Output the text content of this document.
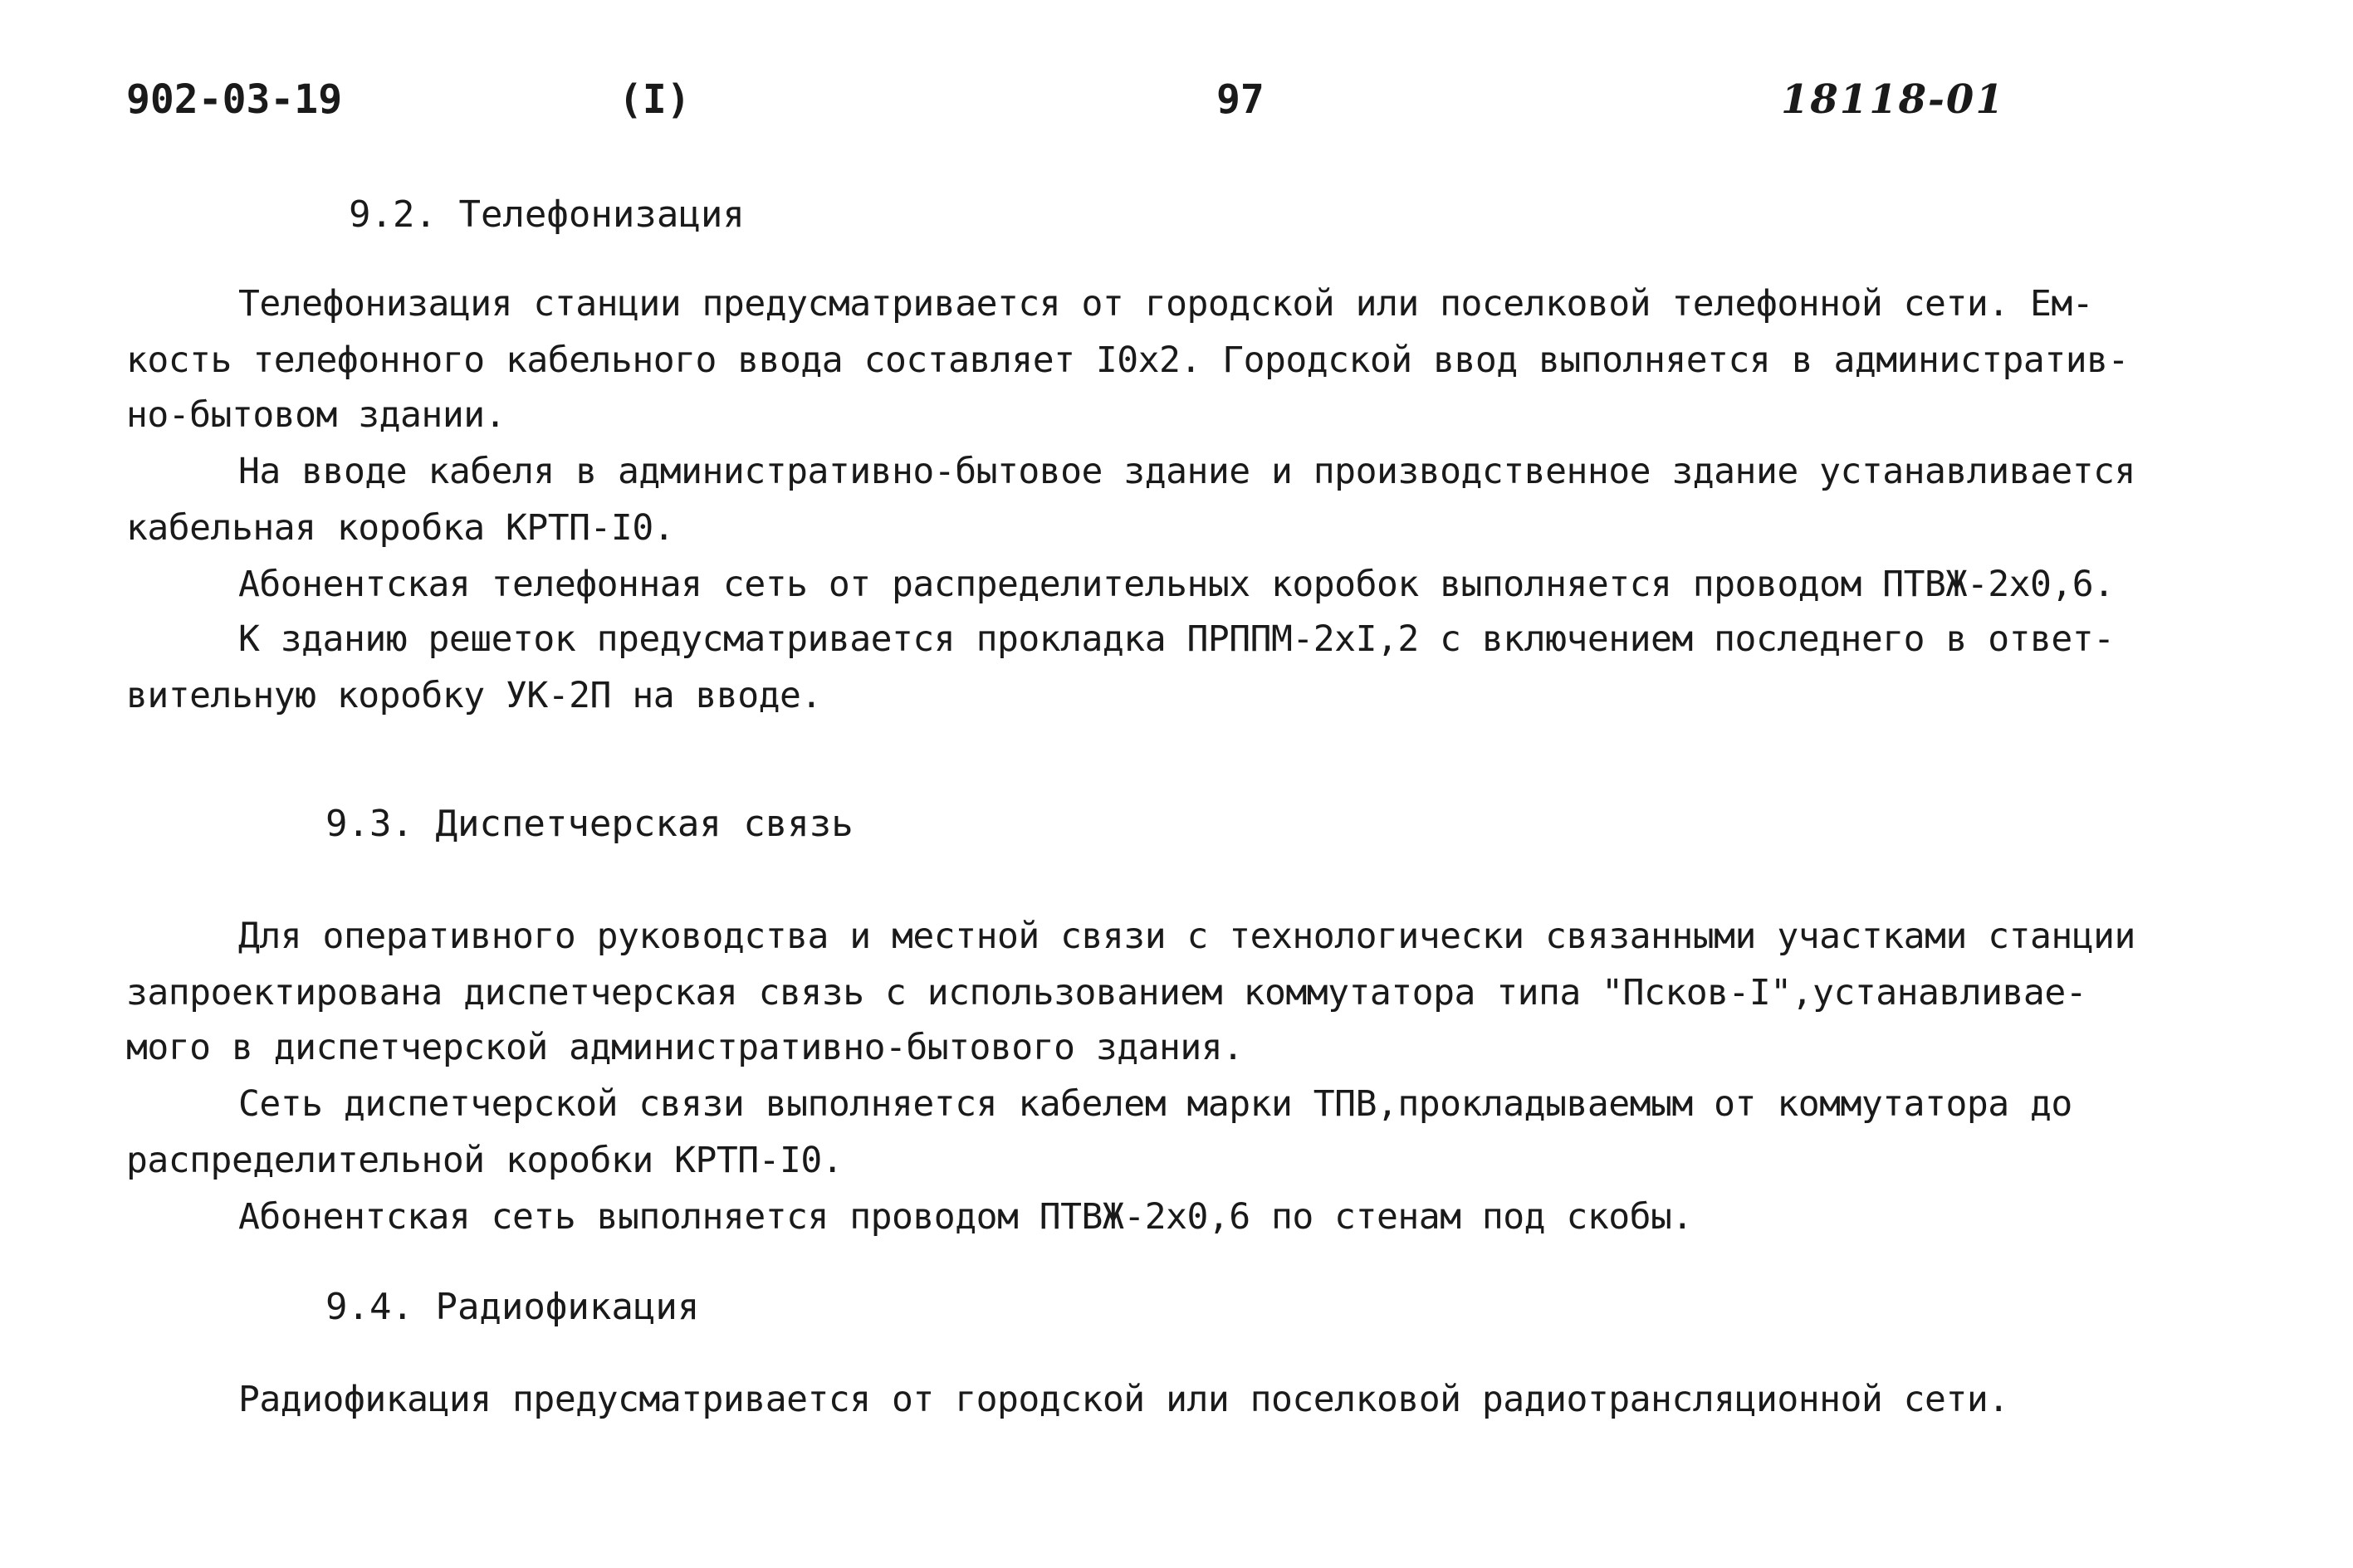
902-03-19	(I)	97	18118-01
9.2. Телефонизация
Телефонизация станции предусматривается от городской или поселковой телефонной сети. Ем-
кость телефонного кабельного ввода составляет I0x2. Городской ввод выполняется в административ-
но-бытовом здании.
На вводе кабеля в административно-бытовое здание и производственное здание устанавливается
кабельная коробка КРТП-I0.
Абонентская телефонная сеть от распределительных коробок выполняется проводом ПТВЖ-2x0,6.
К зданию решеток предусматривается прокладка ПРППМ-2xI,2 с включением последнего в ответ-
вительную коробку УК-2П на вводе.
9.3. Диспетчерская связь
Для оперативного руководства и местной связи с технологически связанными участками станции
запроектирована диспетчерская связь с использованием коммутатора типа "Псков-I",устанавливае-
мого в диспетчерской административно-бытового здания.
Сеть диспетчерской связи выполняется кабелем марки ТПВ,прокладываемым от коммутатора до
распределительной коробки КРТП-I0.
Абонентская сеть выполняется проводом ПТВЖ-2x0,6 по стенам под скобы.
9.4. Радиофикация
Радиофикация предусматривается от городской или поселковой радиотрансляционной сети.
